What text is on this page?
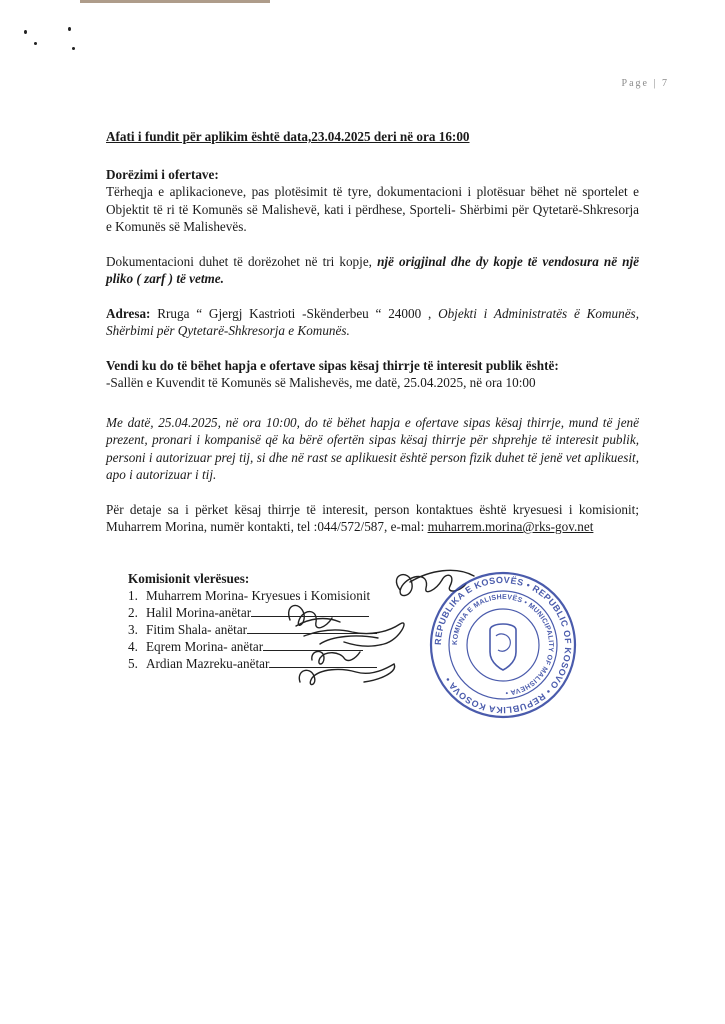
Page | 7

Afati i fundit për aplikim është data,23.04.2025 deri në ora 16:00

Dorëzimi i ofertave:
Tërheqja e aplikacioneve, pas plotësimit të tyre, dokumentacioni i plotësuar bëhet në sportelet e Objektit të ri të Komunës së Malishevë, kati i përdhese, Sporteli- Shërbimi për Qytetarë-Shkresorja e Komunës së Malishevës.

Dokumentacioni duhet të dorëzohet në tri kopje, një origjinal dhe dy kopje të vendosura në një pliko ( zarf ) të vetme.

Adresa: Rruga “ Gjergj Kastrioti -Skënderbeu “ 24000 , Objekti i Administratës ë Komunës, Shërbimi për Qytetarë-Shkresorja e Komunës.

Vendi ku do të bëhet hapja e ofertave sipas kësaj thirrje të interesit publik është:
-Sallën e Kuvendit të Komunës së Malishevës, me datë, 25.04.2025, në ora 10:00

Me datë, 25.04.2025, në ora 10:00, do të bëhet hapja e ofertave sipas kësaj thirrje, mund të jenë prezent, pronari i kompanisë që ka bërë ofertën sipas kësaj thirrje për shprehje të interesit publik, personi i autorizuar prej tij, si dhe në rast se aplikuesit është person fizik duhet të jenë vet aplikuesit, apo i autorizuar i tij.

Për detaje sa i përket kësaj thirrje të interesit, person kontaktues është kryesuesi i komisionit; Muharrem Morina, numër kontakti, tel :044/572/587, e-mal: muharrem.morina@rks-gov.net

Komisionit vlerësues:
1. Muharrem Morina- Kryesues i Komisionit
2. Halil Morina-anëtar
3. Fitim Shala- anëtar
4. Eqrem Morina- anëtar
5. Ardian Mazreku-anëtar
REPUBLIKA E KOSOVËS • REPUBLIC OF KOSOVO • REPUBLIKA KOSOVA •
KOMUNA E MALISHEVËS • MUNICIPALITY OF MALISHEVA •
